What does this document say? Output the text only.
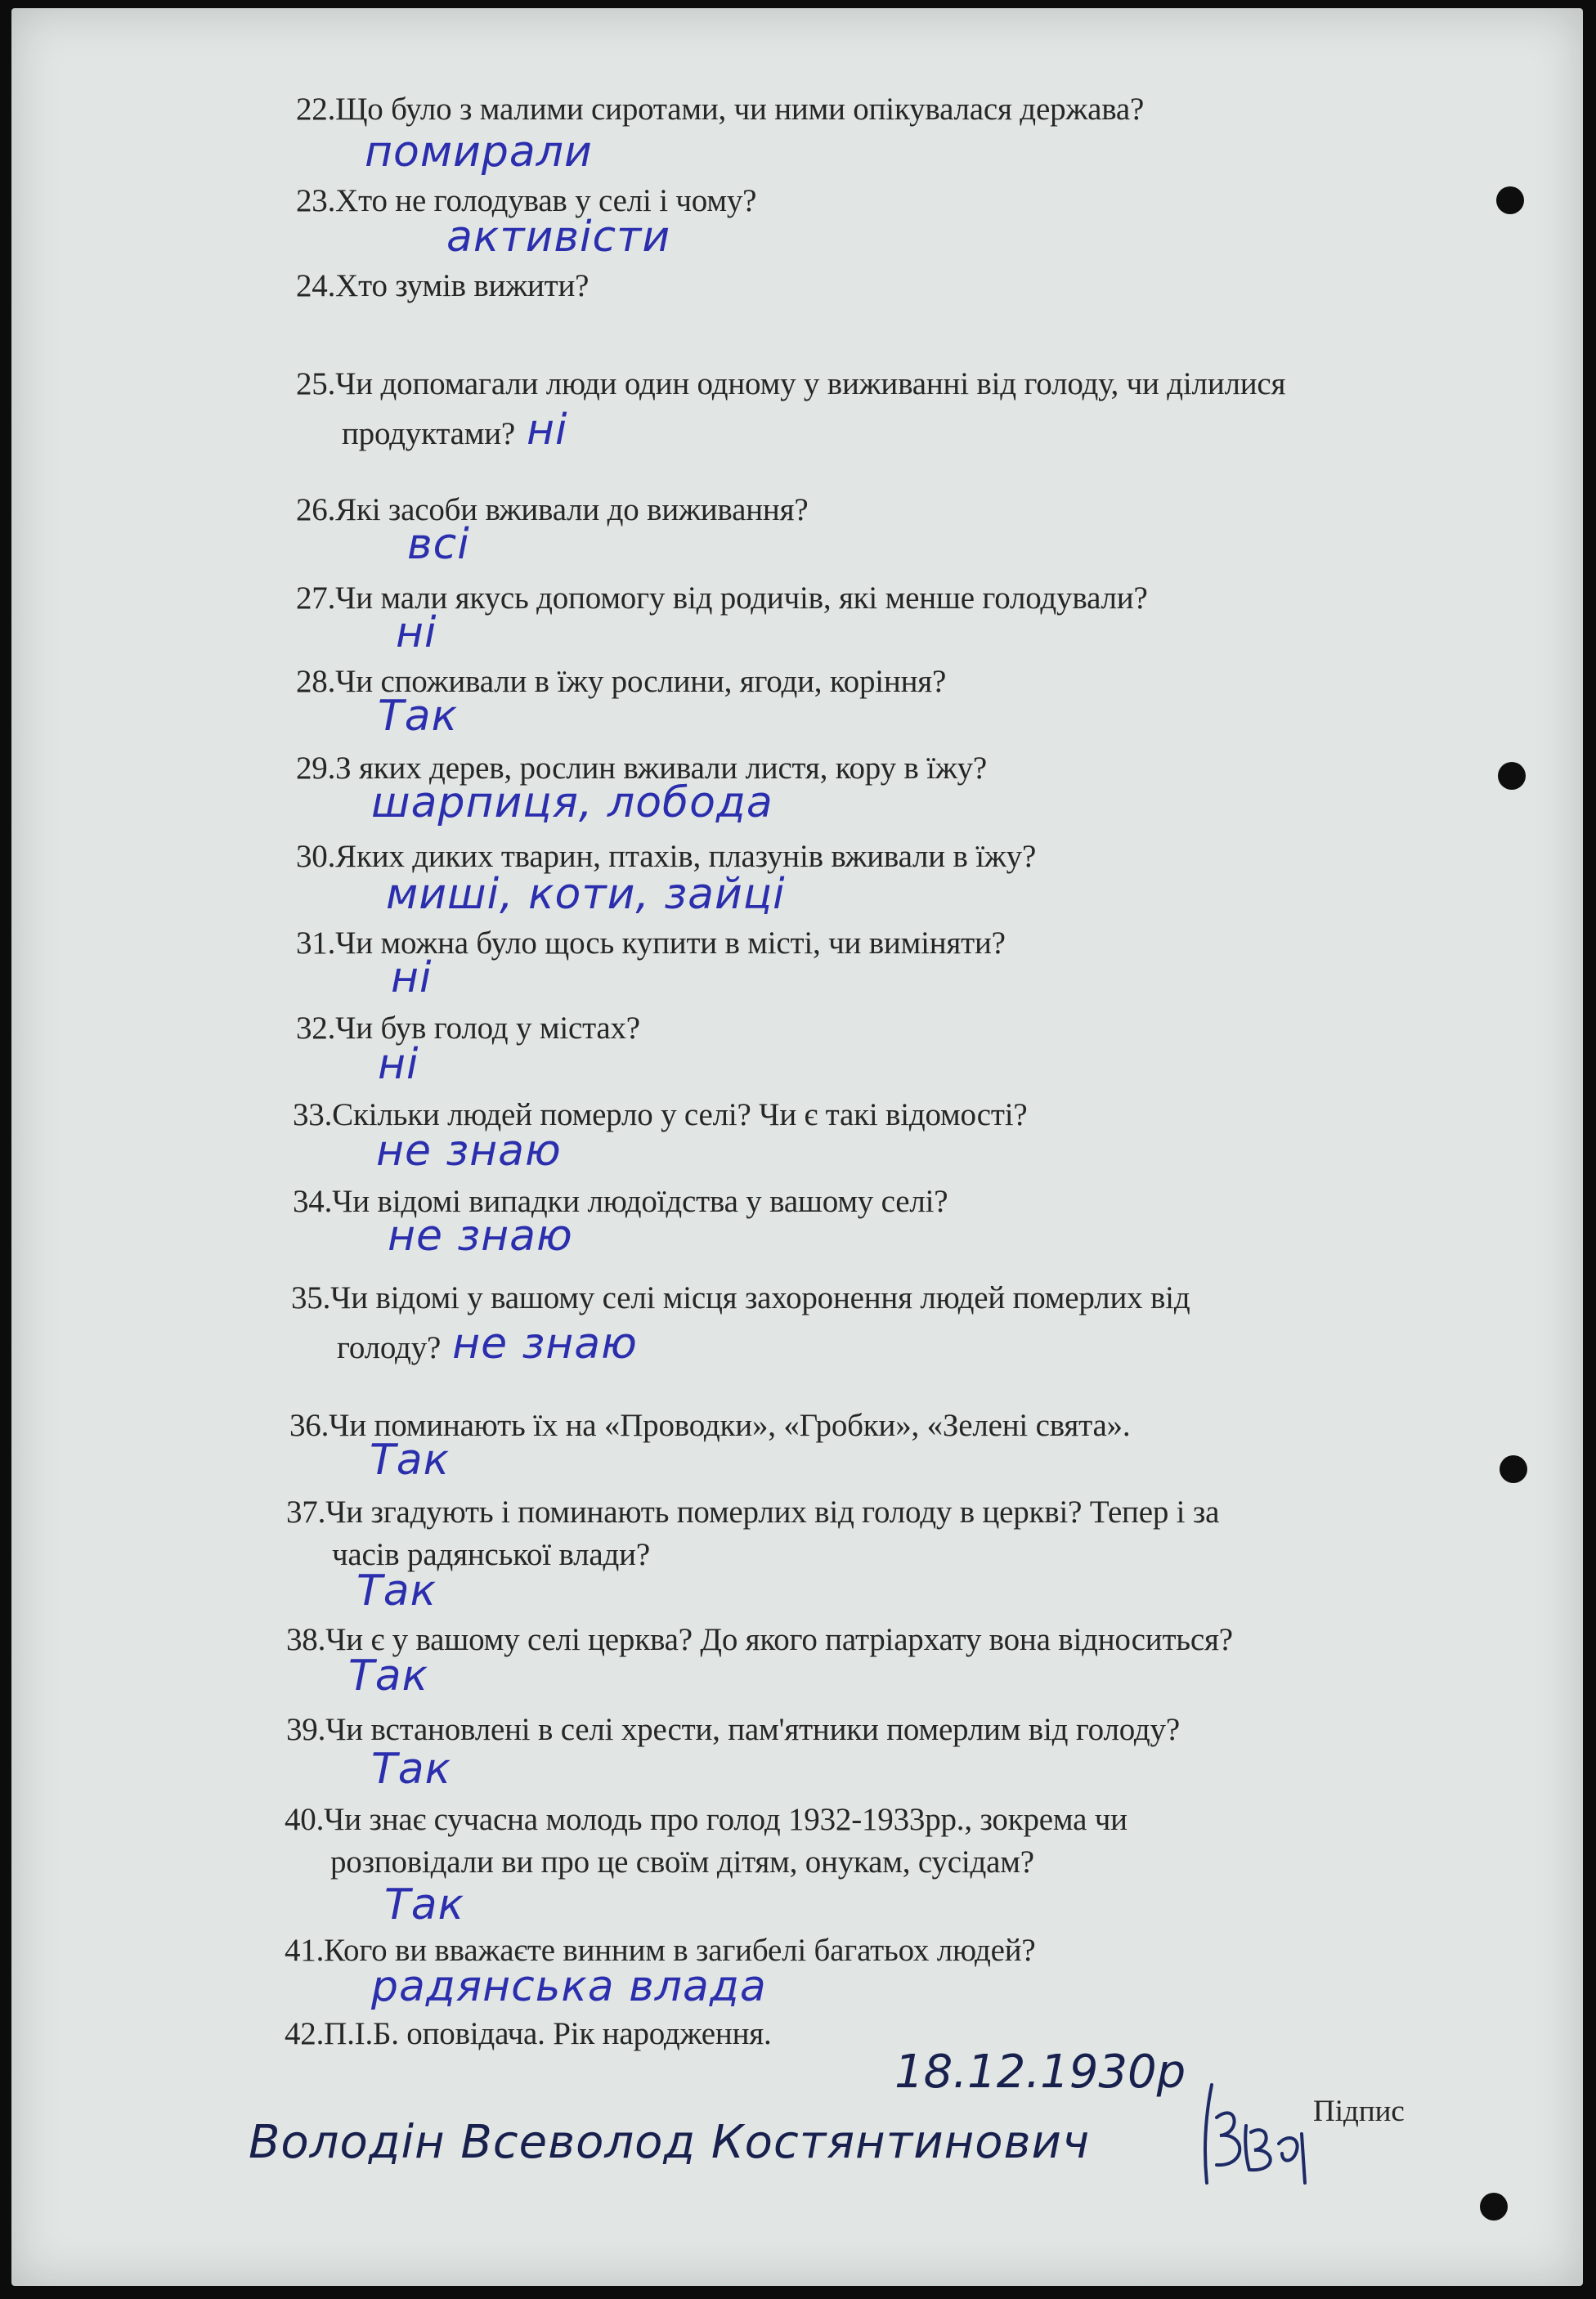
22.Що було з малими сиротами, чи ними опікувалася держава?

помирали

23.Хто не голодував у селі і чому?

активісти

24.Хто зумів вижити?

25.Чи допомагали люди один одному у виживанні від голоду, чи ділилися
продуктами? ні

26.Які засоби вживали до виживання?

всі

27.Чи мали якусь допомогу від родичів, які менше голодували?

ні

28.Чи споживали в їжу рослини, ягоди, коріння?

Так

29.З яких дерев, рослин вживали листя, кору в їжу?

шарпиця, лобода

30.Яких диких тварин, птахів, плазунів вживали в їжу?

миші, коти, зайці

31.Чи можна було щось купити в місті, чи виміняти?

ні

32.Чи був голод у містах?

ні

33.Скільки людей померло у селі? Чи є такі відомості?

не знаю

34.Чи відомі випадки людоїдства у вашому селі?

не знаю

35.Чи відомі у вашому селі місця захоронення людей померлих від
голоду? не знаю

36.Чи поминають їх на «Проводки», «Гробки», «Зелені свята».

Так

37.Чи згадують і поминають померлих від голоду в церкві? Тепер і за
часів радянської влади?

Так

38.Чи є у вашому селі церква? До якого патріархату вона відноситься?

Так

39.Чи встановлені в селі хрести, пам'ятники померлим від голоду?

Так

40.Чи знає сучасна молодь про голод 1932-1933рр., зокрема чи
розповідали ви про це своїм дітям, онукам, сусідам?

Так

41.Кого ви вважаєте винним в загибелі багатьох людей?

радянська влада

42.П.І.Б. оповідача. Рік народження.

18.12.1930р

Володін Всеволод Костянтинович

Підпис
